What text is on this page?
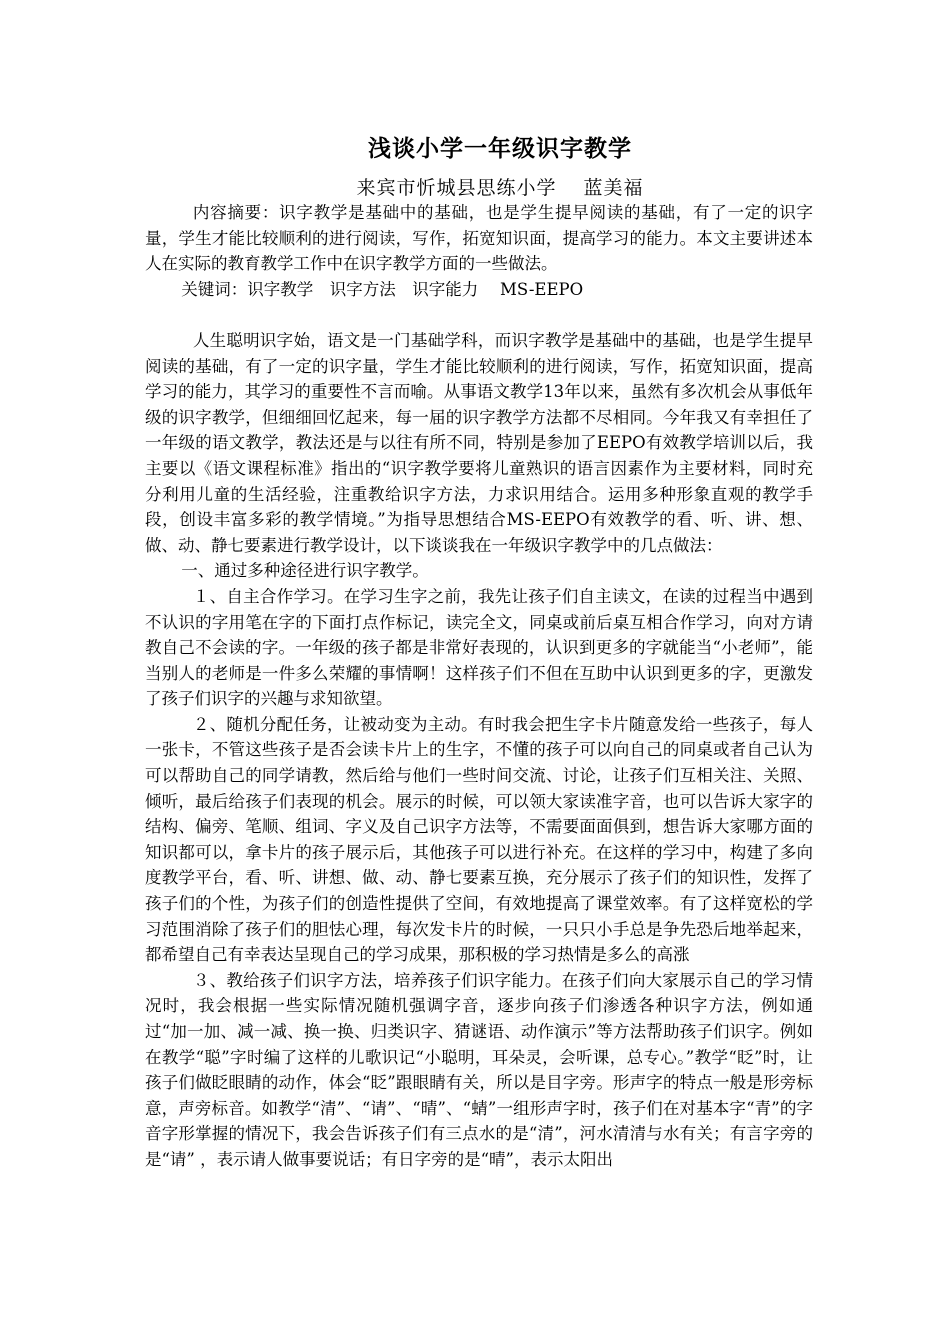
浅谈小学一年级识字教学
来宾市忻城县思练小学　 蓝美福

内容摘要：识字教学是基础中的基础，也是学生提早阅读的基础，有了一定的识字量，学生才能比较顺利的进行阅读，写作，拓宽知识面，提高学习的能力。本文主要讲述本人在实际的教育教学工作中在识字教学方面的一些做法。

关键词：识字教学　识字方法　识字能力　 MS-EEPO

人生聪明识字始，语文是一门基础学科，而识字教学是基础中的基础，也是学生提早阅读的基础，有了一定的识字量，学生才能比较顺利的进行阅读，写作，拓宽知识面，提高学习的能力，其学习的重要性不言而喻。从事语文教学13年以来，虽然有多次机会从事低年级的识字教学，但细细回忆起来，每一届的识字教学方法都不尽相同。今年我又有幸担任了一年级的语文教学，教法还是与以往有所不同，特别是参加了EEPO有效教学培训以后，我主要以《语文课程标准》指出的“识字教学要将儿童熟识的语言因素作为主要材料，同时充分利用儿童的生活经验，注重教给识字方法，力求识用结合。运用多种形象直观的教学手段，创设丰富多彩的教学情境。”为指导思想结合MS-EEPO有效教学的看、听、讲、想、做、动、静七要素进行教学设计，以下谈谈我在一年级识字教学中的几点做法：

一、通过多种途径进行识字教学。

１、自主合作学习。在学习生字之前，我先让孩子们自主读文，在读的过程当中遇到不认识的字用笔在字的下面打点作标记，读完全文，同桌或前后桌互相合作学习，向对方请教自己不会读的字。一年级的孩子都是非常好表现的，认识到更多的字就能当“小老师”，能当别人的老师是一件多么荣耀的事情啊！这样孩子们不但在互助中认识到更多的字，更激发了孩子们识字的兴趣与求知欲望。

２、随机分配任务，让被动变为主动。有时我会把生字卡片随意发给一些孩子，每人一张卡，不管这些孩子是否会读卡片上的生字，不懂的孩子可以向自己的同桌或者自己认为可以帮助自己的同学请教，然后给与他们一些时间交流、讨论，让孩子们互相关注、关照、倾听，最后给孩子们表现的机会。展示的时候，可以领大家读准字音，也可以告诉大家字的结构、偏旁、笔顺、组词、字义及自己识字方法等，不需要面面俱到，想告诉大家哪方面的知识都可以，拿卡片的孩子展示后，其他孩子可以进行补充。在这样的学习中，构建了多向度教学平台，看、听、讲想、做、动、静七要素互换，充分展示了孩子们的知识性，发挥了孩子们的个性，为孩子们的创造性提供了空间，有效地提高了课堂效率。有了这样宽松的学习范围消除了孩子们的胆怯心理，每次发卡片的时候，一只只小手总是争先恐后地举起来，都希望自己有幸表达呈现自己的学习成果，那积极的学习热情是多么的高涨

３、教给孩子们识字方法，培养孩子们识字能力。在孩子们向大家展示自己的学习情况时，我会根据一些实际情况随机强调字音，逐步向孩子们渗透各种识字方法，例如通过“加一加、减一减、换一换、归类识字、猜谜语、动作演示”等方法帮助孩子们识字。例如在教学“聪”字时编了这样的儿歌识记“小聪明，耳朵灵，会听课，总专心。”教学“眨”时，让孩子们做眨眼睛的动作，体会“眨”跟眼睛有关，所以是目字旁。形声字的特点一般是形旁标意，声旁标音。如教学“清”、“请”、“晴”、“蜻”一组形声字时，孩子们在对基本字“青”的字音字形掌握的情况下，我会告诉孩子们有三点水的是“清”，河水清清与水有关；有言字旁的是“请” ，表示请人做事要说话；有日字旁的是“晴”，表示太阳出
